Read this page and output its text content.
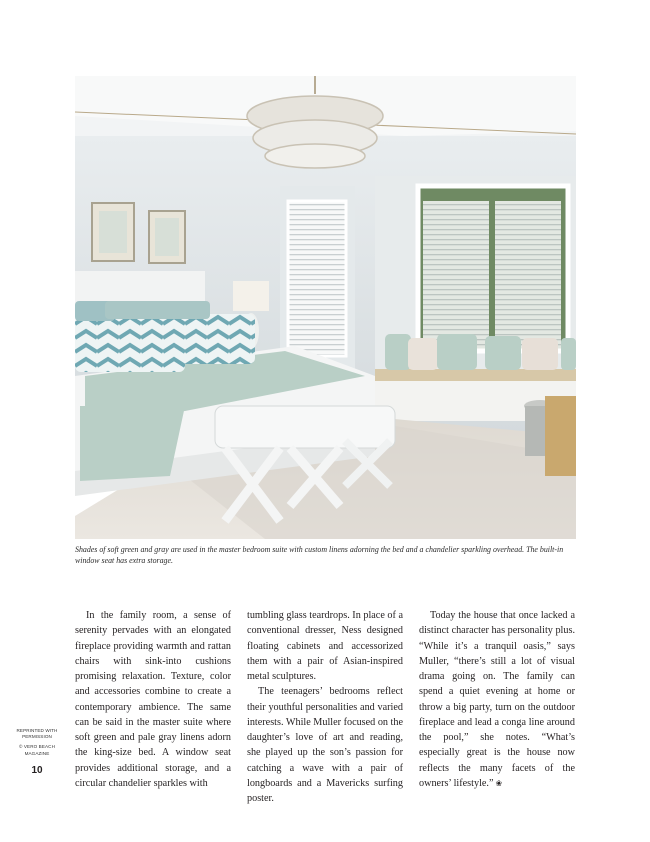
Shades of soft green and gray are used in the master bedroom suite with custom linens adorning the bed and a chandelier sparkling overhead. The built-in window seat has extra storage.

In the family room, a sense of serenity pervades with an elongated fireplace providing warmth and rattan chairs with sink-into cushions promising relaxation. Texture, color and accessories combine to create a contemporary ambience. The same can be said in the master suite where soft green and pale gray linens adorn the king-size bed. A window seat provides additional storage, and a circular chandelier sparkles with

tumbling glass teardrops. In place of a conventional dresser, Ness designed floating cabinets and accessorized them with a pair of Asian-inspired metal sculptures.

The teenagers’ bedrooms reflect their youthful personalities and varied interests. While Muller focused on the daughter’s love of art and reading, she played up the son’s passion for catching a wave with a pair of longboards and a Mavericks surfing poster.

Today the house that once lacked a distinct character has personality plus. “While it’s a tranquil oasis,” says Muller, “there’s still a lot of visual drama going on. The family can spend a quiet evening at home or throw a big party, turn on the outdoor fireplace and lead a conga line around the pool,” she notes. “What’s especially great is the house now reflects the many facets of the owners’ lifestyle.” ❀

REPRINTED WITH
PERMISSION
© VERO BEACH
MAGAZINE
10
